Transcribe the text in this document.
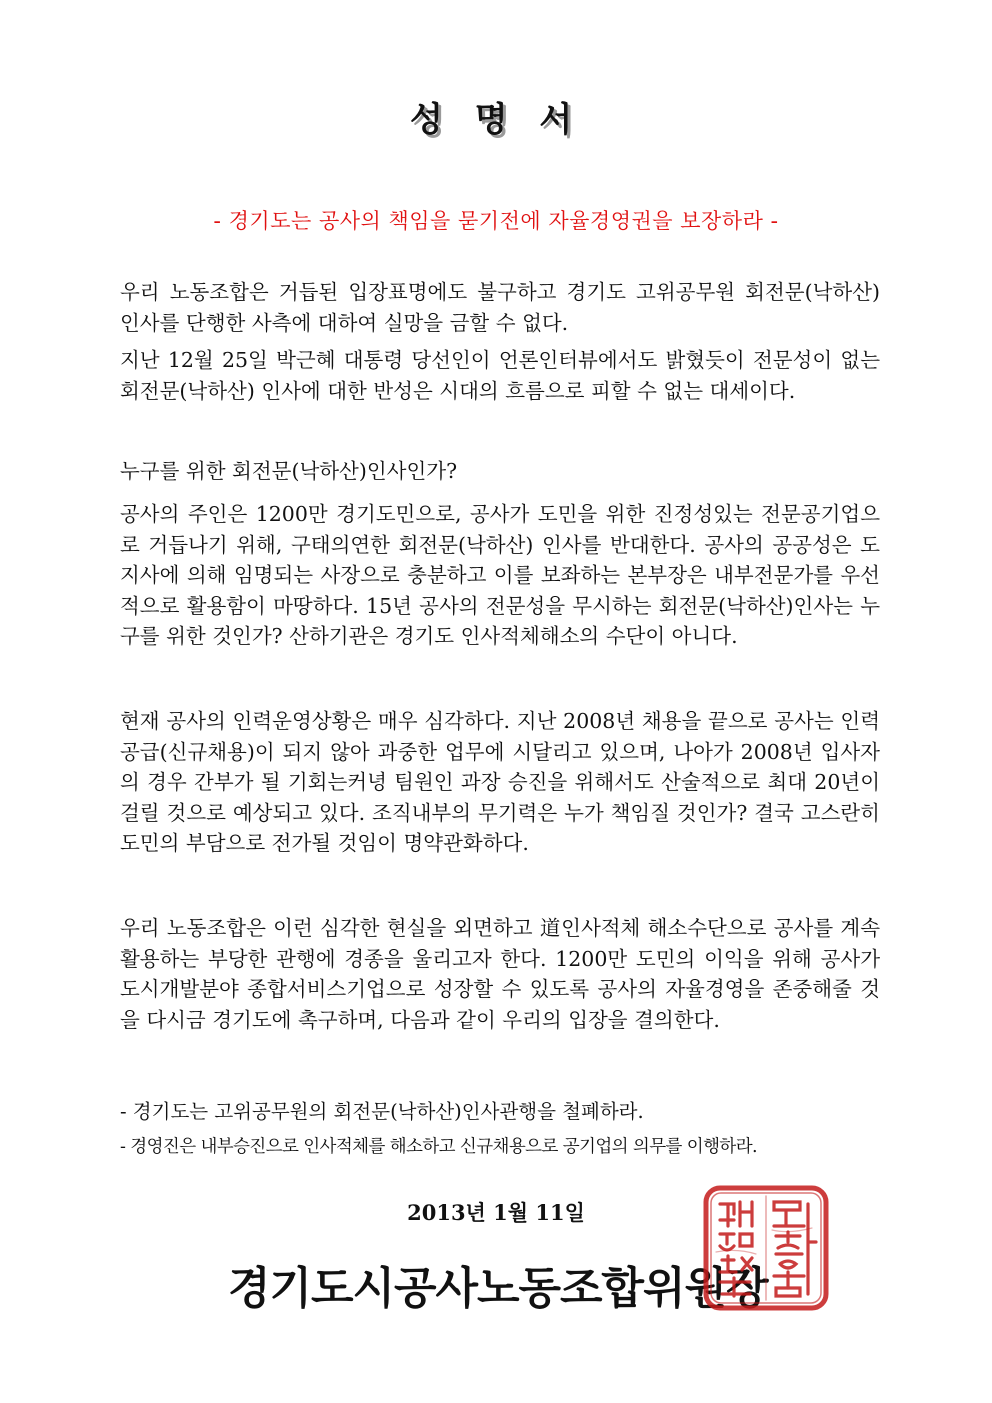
성 명 서
- 경기도는 공사의 책임을 묻기전에 자율경영권을 보장하라 -

우리 노동조합은 거듭된 입장표명에도 불구하고 경기도 고위공무원 회전문(낙하산) 인사를 단행한 사측에 대하여 실망을 금할 수 없다.

지난 12월 25일 박근혜 대통령 당선인이 언론인터뷰에서도 밝혔듯이 전문성이 없는 회전문(낙하산) 인사에 대한 반성은 시대의 흐름으로 피할 수 없는 대세이다.

누구를 위한 회전문(낙하산)인사인가?

공사의 주인은 1200만 경기도민으로, 공사가 도민을 위한 진정성있는 전문공기업으로 거듭나기 위해, 구태의연한 회전문(낙하산) 인사를 반대한다. 공사의 공공성은 도지사에 의해 임명되는 사장으로 충분하고 이를 보좌하는 본부장은 내부전문가를 우선적으로 활용함이 마땅하다. 15년 공사의 전문성을 무시하는 회전문(낙하산)인사는 누구를 위한 것인가? 산하기관은 경기도 인사적체해소의 수단이 아니다.

현재 공사의 인력운영상황은 매우 심각하다. 지난 2008년 채용을 끝으로 공사는 인력공급(신규채용)이 되지 않아 과중한 업무에 시달리고 있으며, 나아가 2008년 입사자의 경우 간부가 될 기회는커녕 팀원인 과장 승진을 위해서도 산술적으로 최대 20년이 걸릴 것으로 예상되고 있다. 조직내부의 무기력은 누가 책임질 것인가? 결국 고스란히 도민의 부담으로 전가될 것임이 명약관화하다.

우리 노동조합은 이런 심각한 현실을 외면하고 道인사적체 해소수단으로 공사를 계속 활용하는 부당한 관행에 경종을 울리고자 한다. 1200만 도민의 이익을 위해 공사가 도시개발분야 종합서비스기업으로 성장할 수 있도록 공사의 자율경영을 존중해줄 것을 다시금 경기도에 촉구하며, 다음과 같이 우리의 입장을 결의한다.

- 경기도는 고위공무원의 회전문(낙하산)인사관행을 철폐하라.
- 경영진은 내부승진으로 인사적체를 해소하고 신규채용으로 공기업의 의무를 이행하라.
2013년 1월 11일
경기도시공사노동조합위원장
